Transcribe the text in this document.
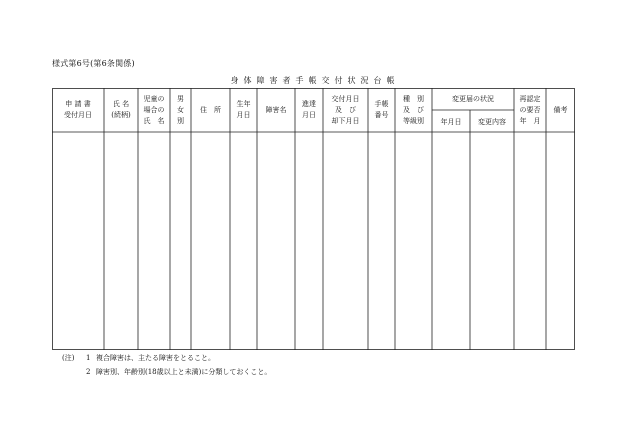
様式第6号(第6条関係)
身体障害者手帳交付状況台帳
申 請 書
受付月日
氏 名
(続柄)
児童の
場合の
氏　名
男
女
別
住　所
生年
月日
障害名
進達
月日
交付月日
及　び
却下月日
手帳
番号
種　別
及　び
等級別
変更届の状況
年月日	変更内容
再認定
の要否
年　月
備考
(注)	1 複合障害は、主たる障害をとること。
2 障害別、年齢別(18歳以上と未満)に分類しておくこと。
